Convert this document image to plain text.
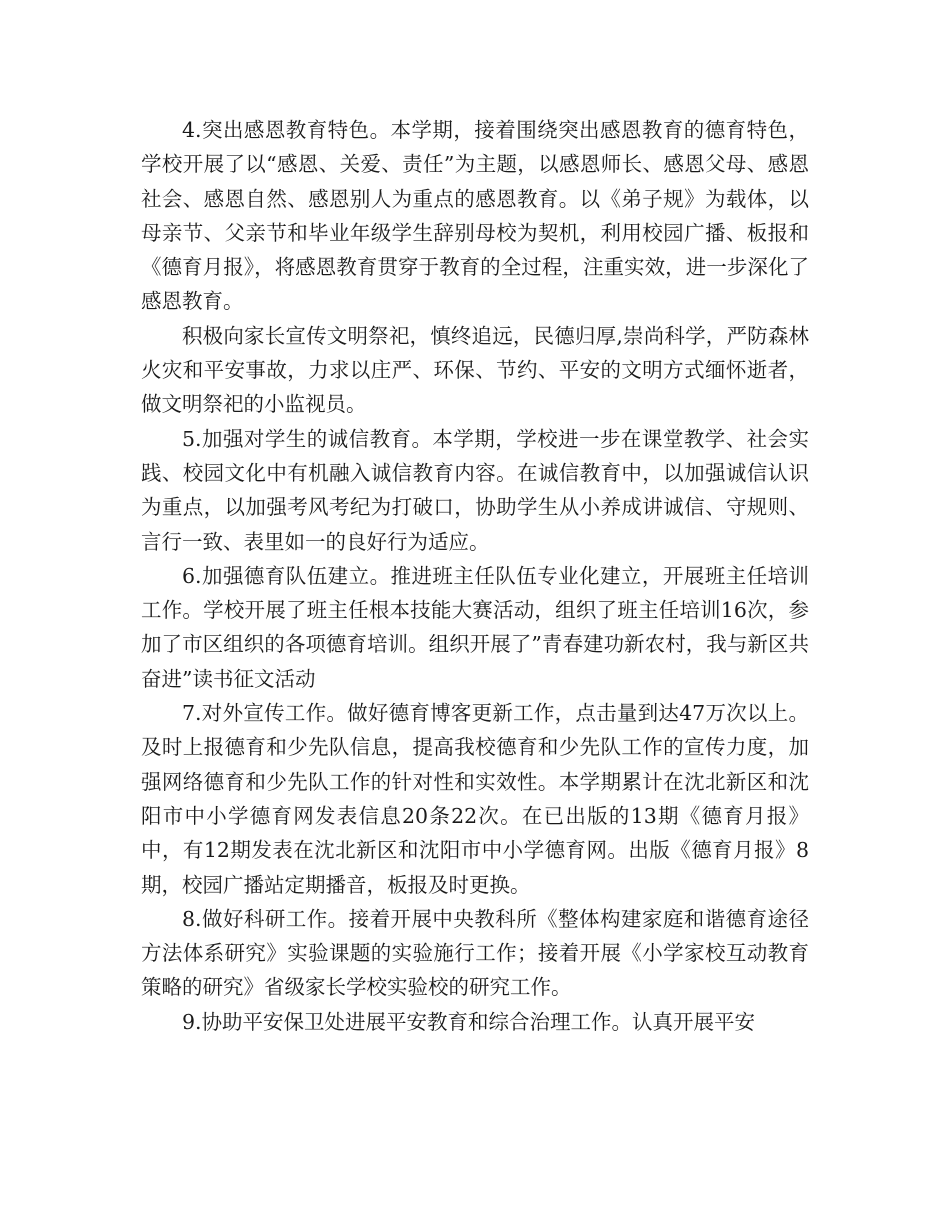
4.突出感恩教育特色。本学期，接着围绕突出感恩教育的德育特色，学校开展了以“感恩、关爱、责任”为主题，以感恩师长、感恩父母、感恩社会、感恩自然、感恩别人为重点的感恩教育。以《弟子规》为载体，以母亲节、父亲节和毕业年级学生辞别母校为契机，利用校园广播、板报和《德育月报》，将感恩教育贯穿于教育的全过程，注重实效，进一步深化了感恩教育。

积极向家长宣传文明祭祀，慎终追远，民德归厚,崇尚科学，严防森林火灾和平安事故，力求以庄严、环保、节约、平安的文明方式缅怀逝者，做文明祭祀的小监视员。

5.加强对学生的诚信教育。本学期，学校进一步在课堂教学、社会实践、校园文化中有机融入诚信教育内容。在诚信教育中，以加强诚信认识为重点，以加强考风考纪为打破口，协助学生从小养成讲诚信、守规则、言行一致、表里如一的良好行为适应。

6.加强德育队伍建立。推进班主任队伍专业化建立，开展班主任培训工作。学校开展了班主任根本技能大赛活动，组织了班主任培训16次，参加了市区组织的各项德育培训。组织开展了”青春建功新农村，我与新区共奋进”读书征文活动

7.对外宣传工作。做好德育博客更新工作，点击量到达47万次以上。及时上报德育和少先队信息，提高我校德育和少先队工作的宣传力度，加强网络德育和少先队工作的针对性和实效性。本学期累计在沈北新区和沈阳市中小学德育网发表信息20条22次。在已出版的13期《德育月报》中，有12期发表在沈北新区和沈阳市中小学德育网。出版《德育月报》8期，校园广播站定期播音，板报及时更换。

8.做好科研工作。接着开展中央教科所《整体构建家庭和谐德育途径方法体系研究》实验课题的实验施行工作；接着开展《小学家校互动教育策略的研究》省级家长学校实验校的研究工作。

9.协助平安保卫处进展平安教育和综合治理工作。认真开展平安
